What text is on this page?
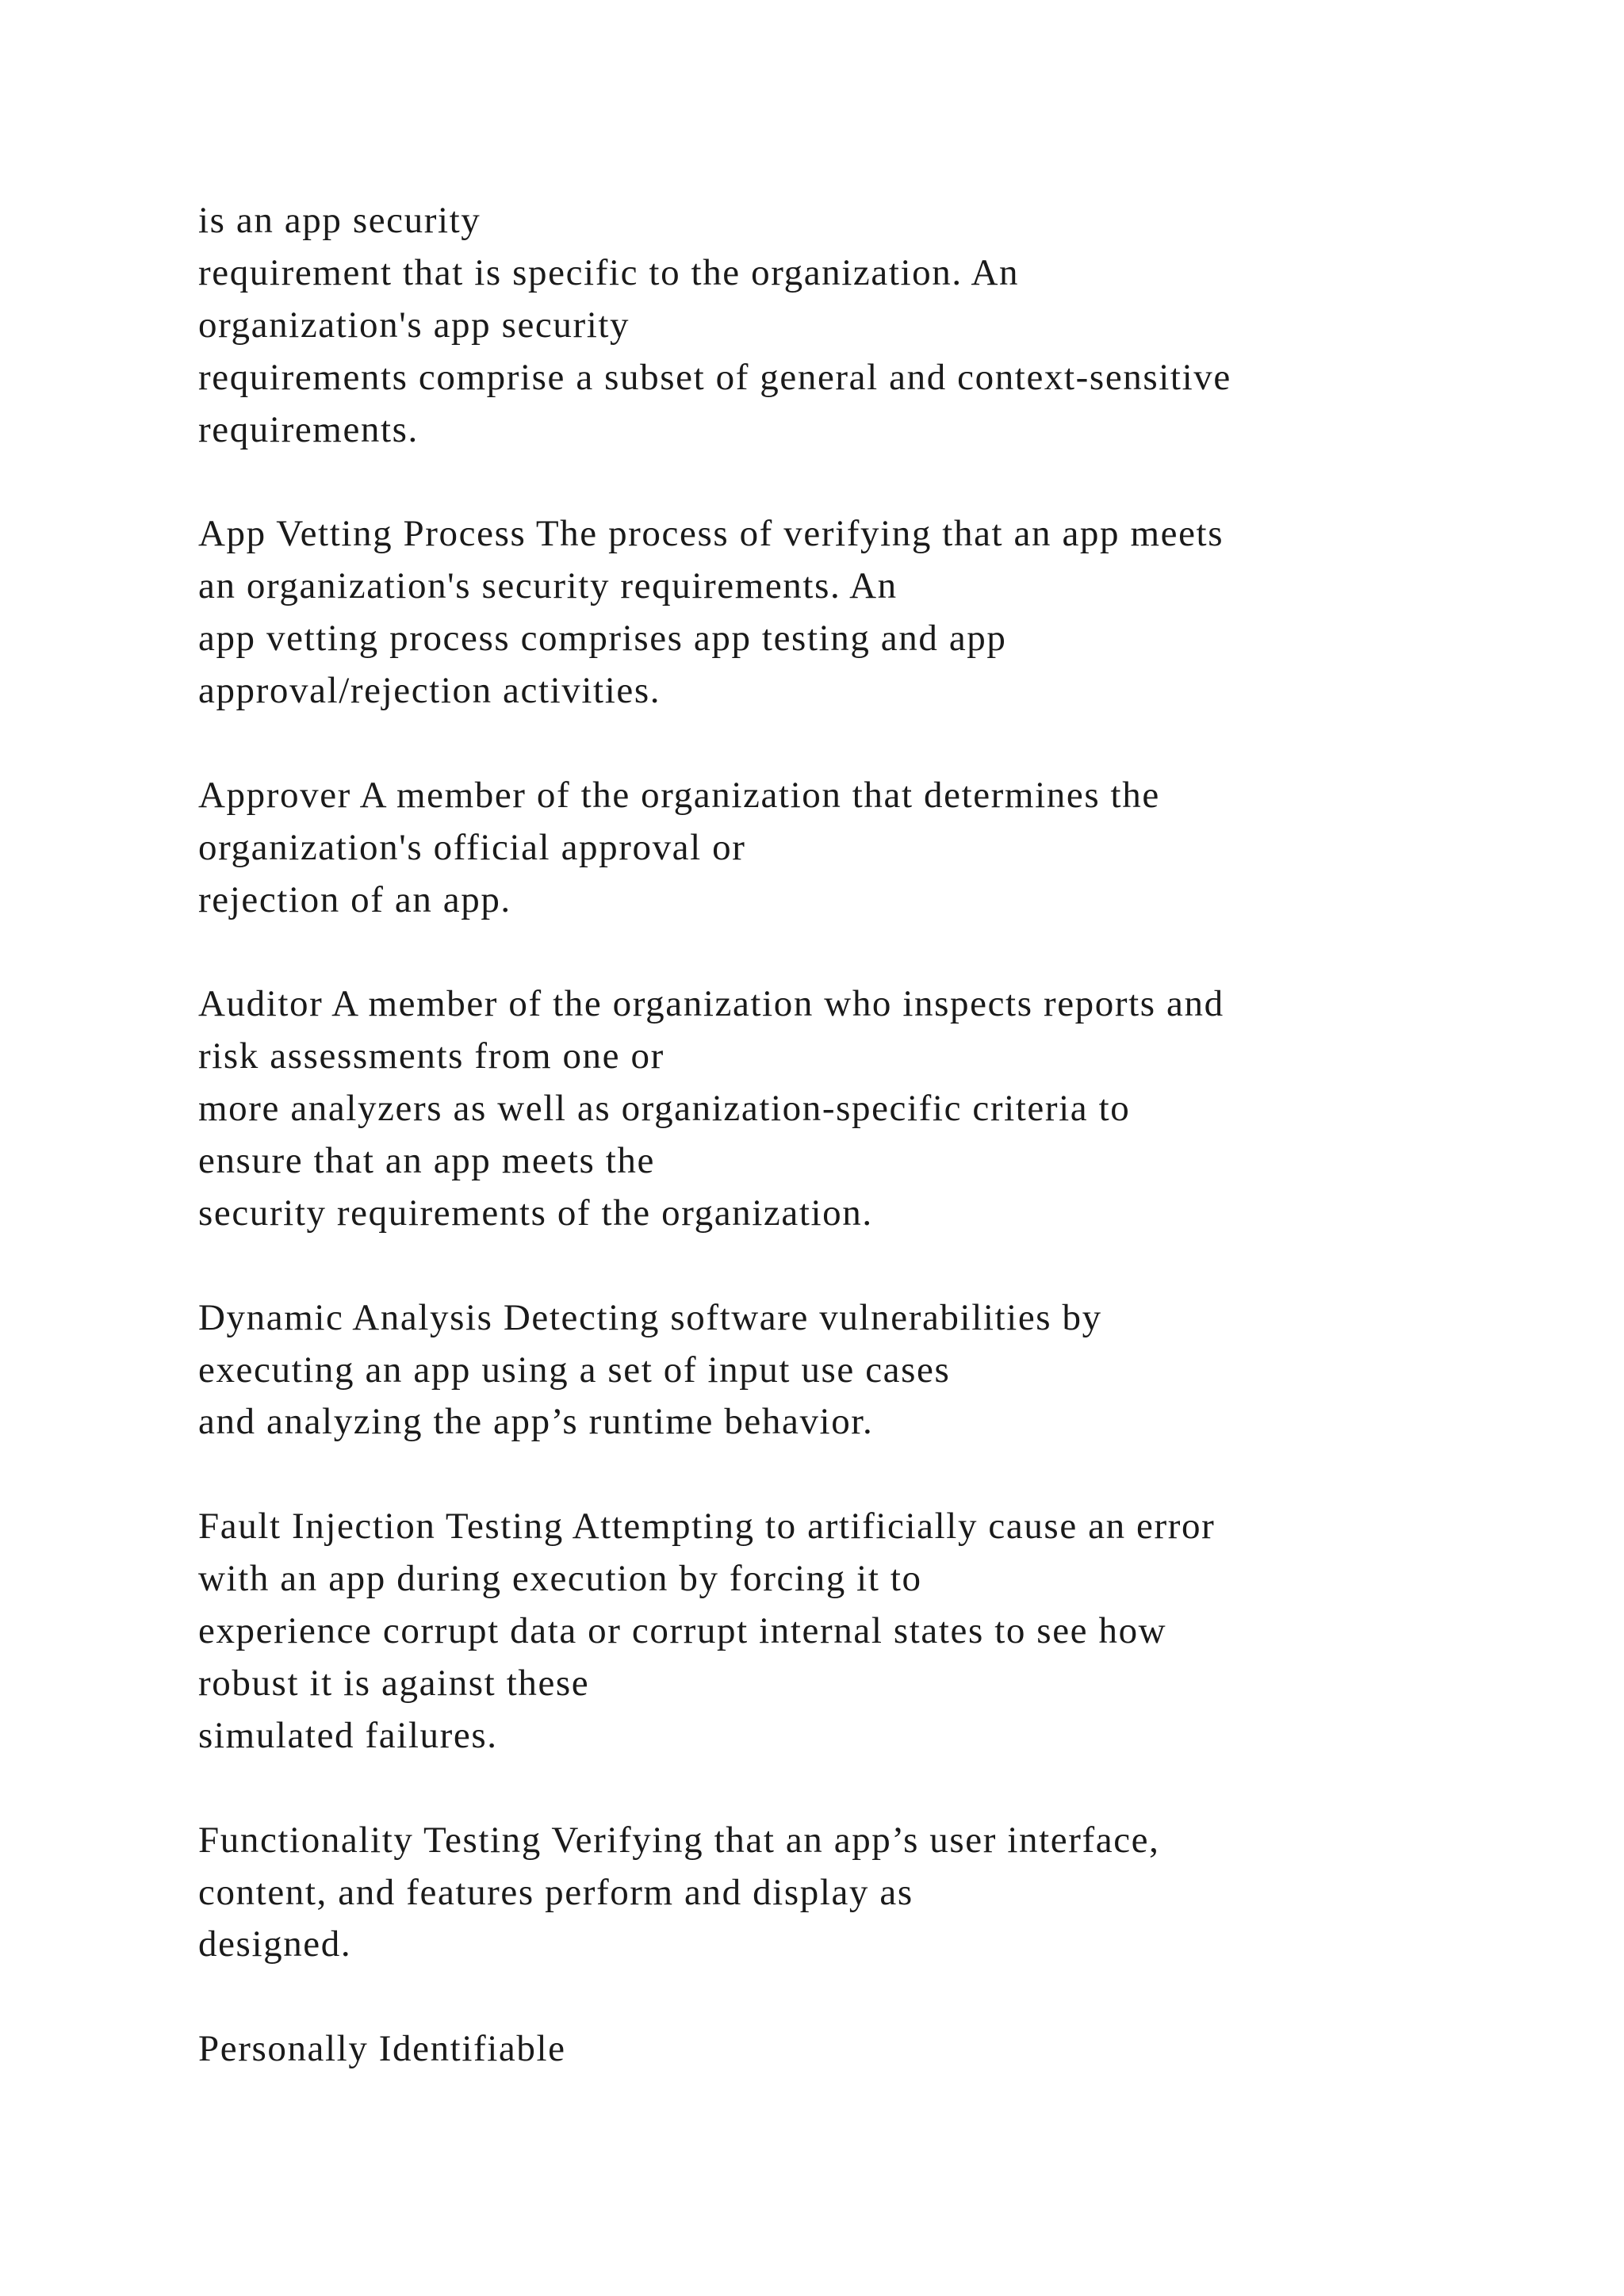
is an app security
requirement that is specific to the organization. An
organization's app security
requirements comprise a subset of general and context-sensitive
requirements.
App Vetting Process The process of verifying that an app meets
an organization's security requirements. An
app vetting process comprises app testing and app
approval/rejection activities.
Approver A member of the organization that determines the
organization's official approval or
rejection of an app.
Auditor A member of the organization who inspects reports and
risk assessments from one or
more analyzers as well as organization-specific criteria to
ensure that an app meets the
security requirements of the organization.
Dynamic Analysis Detecting software vulnerabilities by
executing an app using a set of input use cases
and analyzing the app’s runtime behavior.
Fault Injection Testing Attempting to artificially cause an error
with an app during execution by forcing it to
experience corrupt data or corrupt internal states to see how
robust it is against these
simulated failures.
Functionality Testing Verifying that an app’s user interface,
content, and features perform and display as
designed.
Personally Identifiable
